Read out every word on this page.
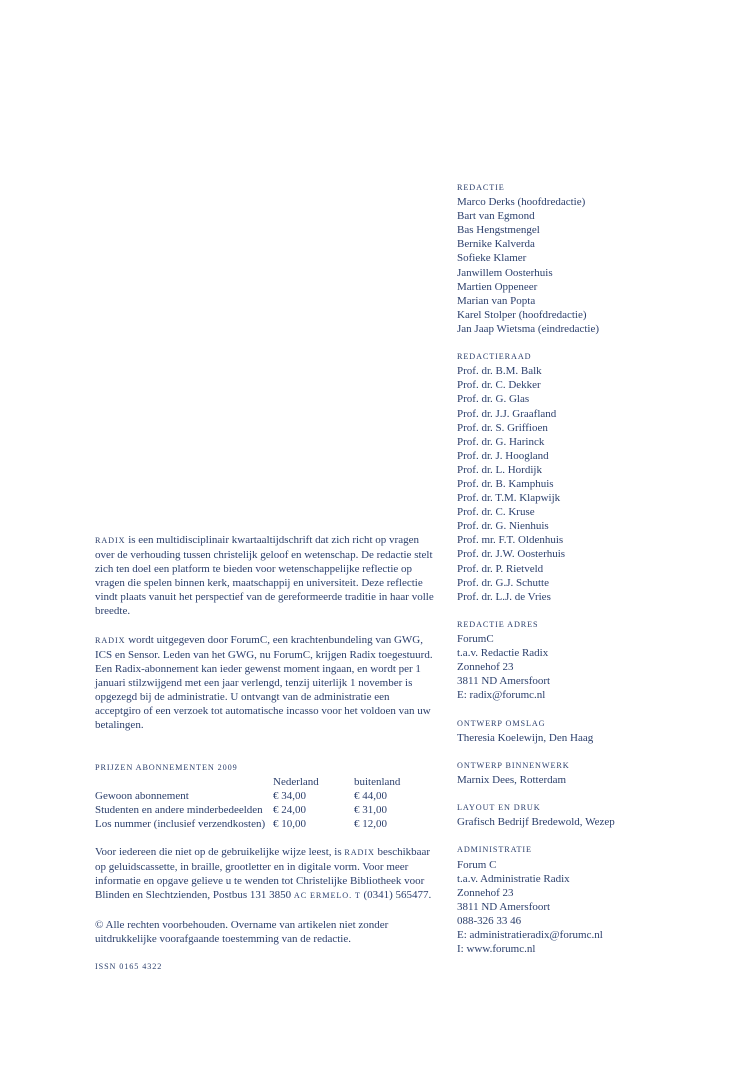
REDACTIE
Marco Derks (hoofdredactie)
Bart van Egmond
Bas Hengstmengel
Bernike Kalverda
Sofieke Klamer
Janwillem Oosterhuis
Martien Oppeneer
Marian van Popta
Karel Stolper (hoofdredactie)
Jan Jaap Wietsma (eindredactie)
REDACTIERAAD
Prof. dr. B.M. Balk
Prof. dr. C. Dekker
Prof. dr. G. Glas
Prof. dr. J.J. Graafland
Prof. dr. S. Griffioen
Prof. dr. G. Harinck
Prof. dr. J. Hoogland
Prof. dr. L. Hordijk
Prof. dr. B. Kamphuis
Prof. dr. T.M. Klapwijk
Prof. dr. C. Kruse
Prof. dr. G. Nienhuis
Prof. mr. F.T. Oldenhuis
Prof. dr. J.W. Oosterhuis
Prof. dr. P. Rietveld
Prof. dr. G.J. Schutte
Prof. dr. L.J. de Vries
REDACTIE ADRES
ForumC
t.a.v. Redactie Radix
Zonnehof 23
3811 ND Amersfoort
E: radix@forumc.nl
ONTWERP OMSLAG
Theresia Koelewijn, Den Haag
ONTWERP BINNENWERK
Marnix Dees, Rotterdam
LAYOUT EN DRUK
Grafisch Bedrijf Bredewold, Wezep
ADMINISTRATIE
Forum C
t.a.v. Administratie Radix
Zonnehof 23
3811 ND Amersfoort
088-326 33 46
E: administratieradix@forumc.nl
I: www.forumc.nl

RADIX is een multidisciplinair kwartaaltijdschrift dat zich richt op vragen over de verhouding tussen christelijk geloof en wetenschap. De redactie stelt zich ten doel een platform te bieden voor wetenschappelijke reflectie op vragen die spelen binnen kerk, maatschappij en universiteit. Deze reflectie vindt plaats vanuit het perspectief van de gereformeerde traditie in haar volle breedte.

RADIX wordt uitgegeven door ForumC, een krachtenbundeling van GWG, ICS en Sensor. Leden van het GWG, nu ForumC, krijgen Radix toegestuurd. Een Radix-abonnement kan ieder gewenst moment ingaan, en wordt per 1 januari stilzwijgend met een jaar verlengd, tenzij uiterlijk 1 november is opgezegd bij de administratie. U ontvangt van de administratie een acceptgiro of een verzoek tot automatische incasso voor het voldoen van uw betalingen.

PRIJZEN ABONNEMENTEN 2009
	Nederland	buitenland
Gewoon abonnement	€ 34,00	€ 44,00
Studenten en andere minderbedeelden	€ 24,00	€ 31,00
Los nummer (inclusief verzendkosten)	€ 10,00	€ 12,00

Voor iedereen die niet op de gebruikelijke wijze leest, is RADIX beschikbaar op geluidscassette, in braille, grootletter en in digitale vorm. Voor meer informatie en opgave gelieve u te wenden tot Christelijke Bibliotheek voor Blinden en Slechtzienden, Postbus 131 3850 AC ERMELO. T (0341) 565477.

© Alle rechten voorbehouden. Overname van artikelen niet zonder uitdrukkelijke voorafgaande toestemming van de redactie.

ISSN 0165 4322
